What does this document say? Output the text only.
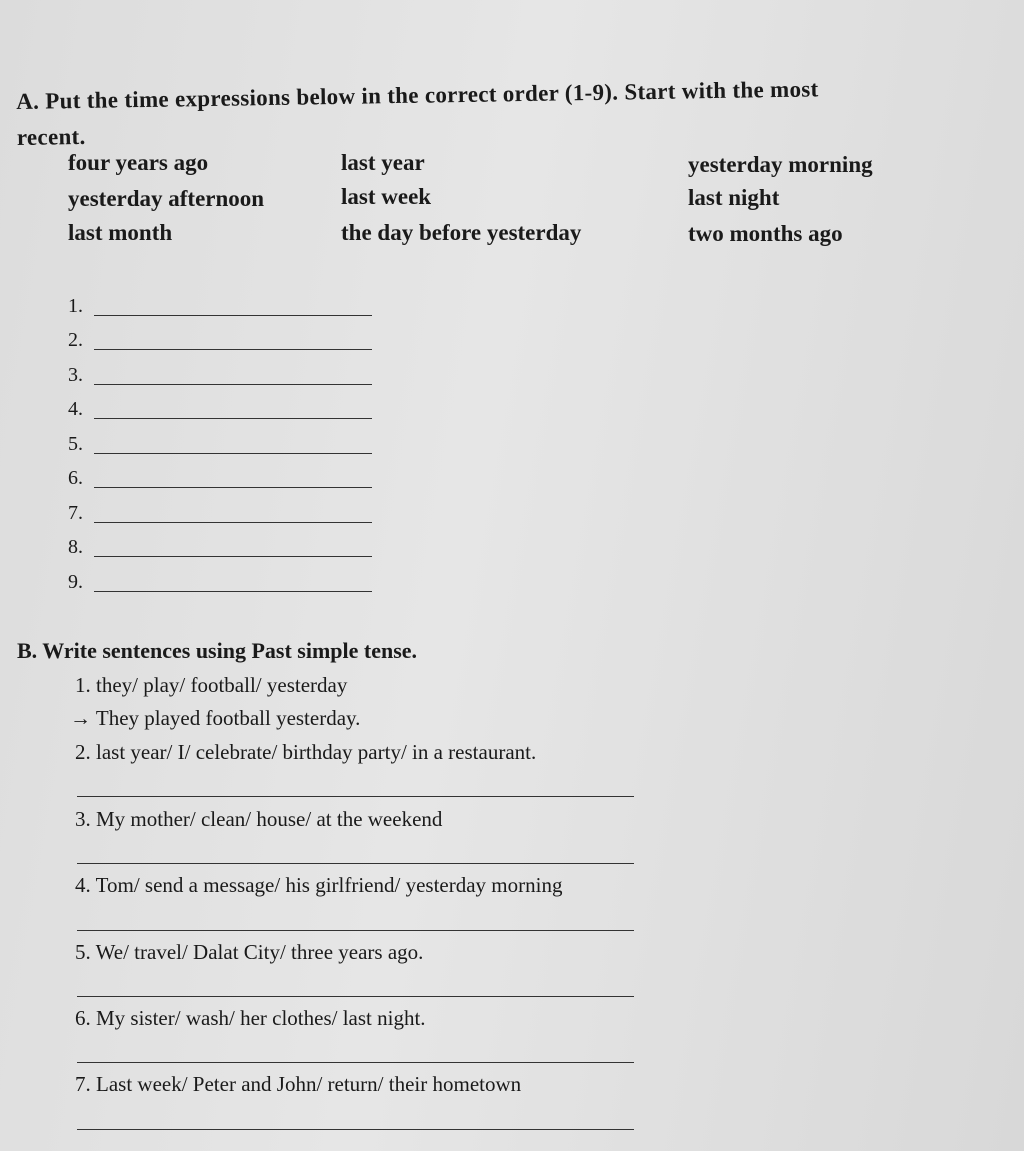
A. Put the time expressions below in the correct order (1-9). Start with the most
recent.
four years ago	last year	yesterday morning
yesterday afternoon	last week	last night
last month	the day before yesterday	two months ago
1.
2.
3.
4.
5.
6.
7.
8.
9.
B. Write sentences using Past simple tense.
1. they/ play/ football/ yesterday
→ They played football yesterday.
2. last year/ I/ celebrate/ birthday party/ in a restaurant.
3. My mother/ clean/ house/ at the weekend
4. Tom/ send a message/ his girlfriend/ yesterday morning
5. We/ travel/ Dalat City/ three years ago.
6. My sister/ wash/ her clothes/ last night.
7. Last week/ Peter and John/ return/ their hometown
